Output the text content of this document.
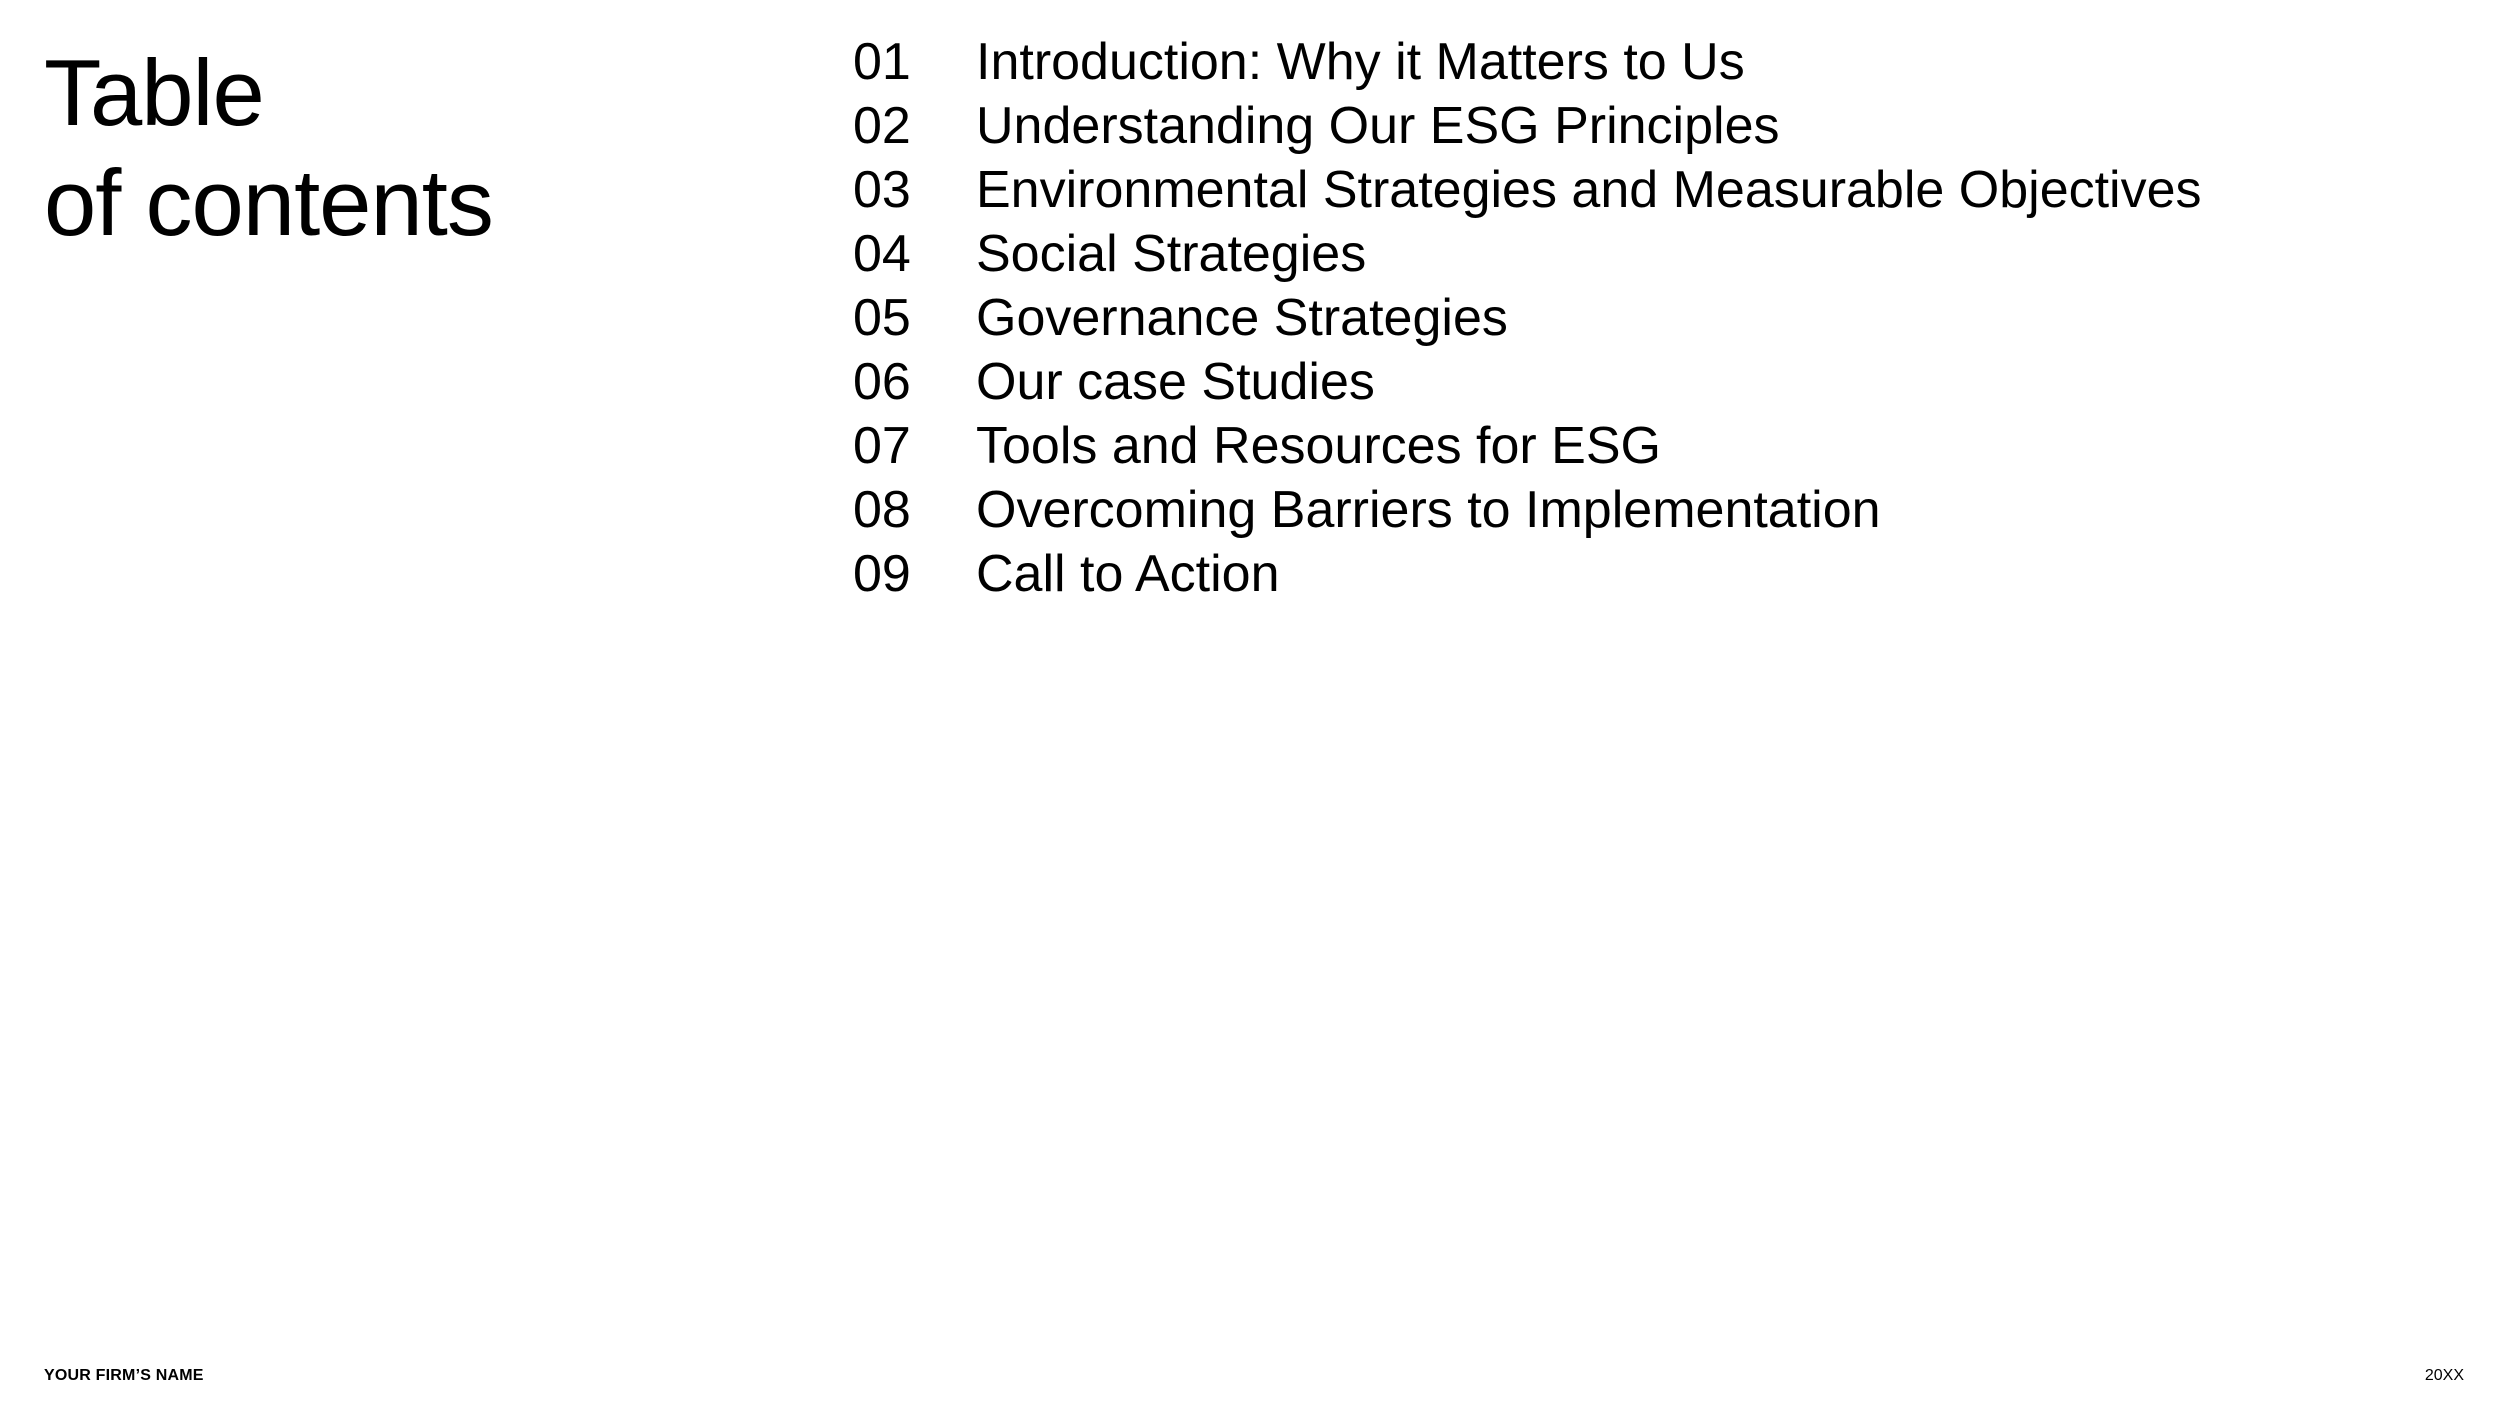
Table
of contents
01	Introduction: Why it Matters to Us
02	Understanding Our ESG Principles
03	Environmental Strategies and Measurable Objectives
04	Social Strategies
05	Governance Strategies
06	Our case Studies
07	Tools and Resources for ESG
08	Overcoming Barriers to Implementation
09	Call to Action
YOUR FIRM’S NAME	20XX
